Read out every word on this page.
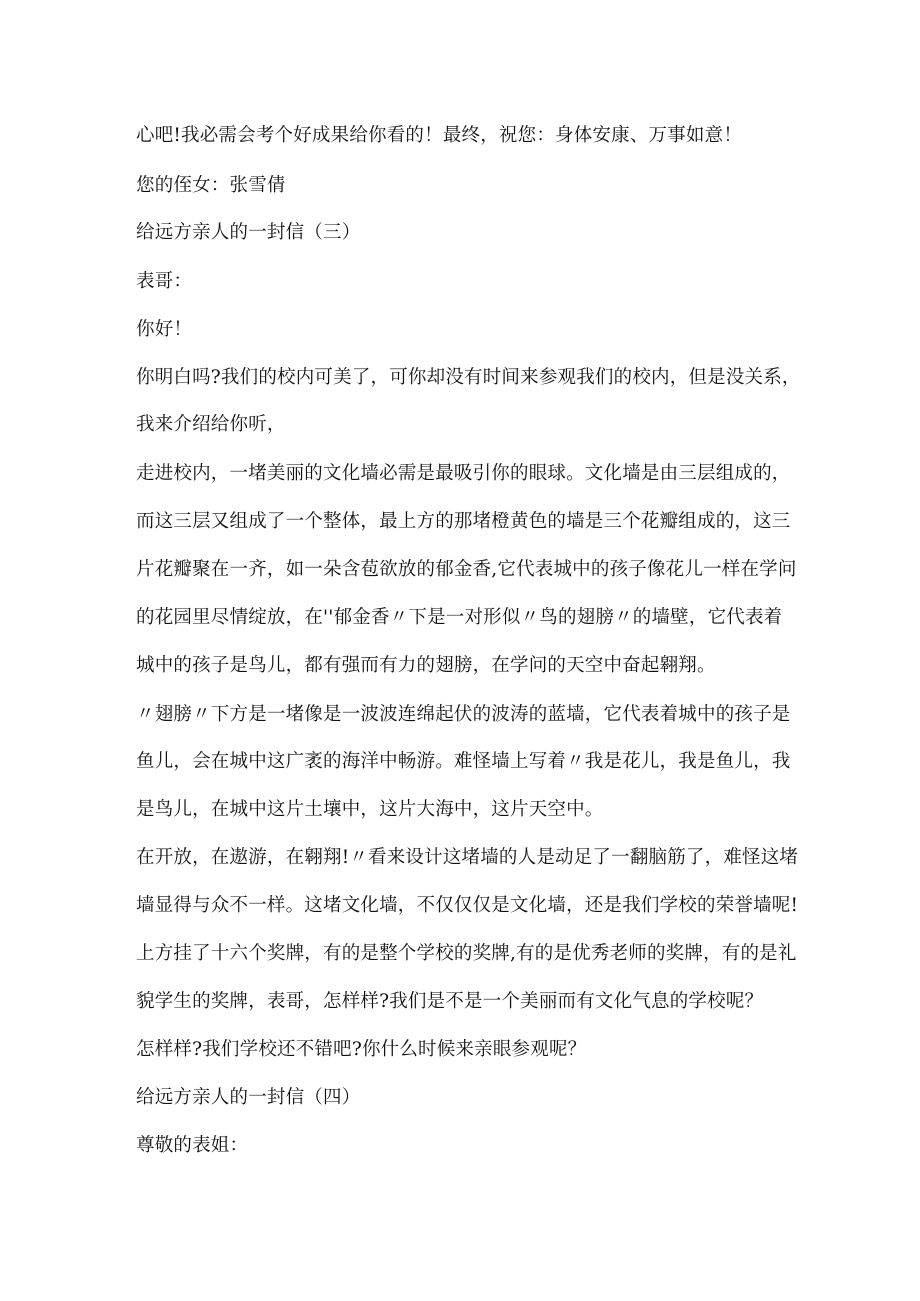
心吧!我必需会考个好成果给你看的！最终，祝您：身体安康、万事如意！
您的侄女：张雪倩
给远方亲人的一封信（三）
表哥：
你好！
你明白吗?我们的校内可美了，可你却没有时间来参观我们的校内，但是没关系，
我来介绍给你听，
走进校内，一堵美丽的文化墙必需是最吸引你的眼球。文化墙是由三层组成的，
而这三层又组成了一个整体，最上方的那堵橙黄色的墙是三个花瓣组成的，这三
片花瓣聚在一齐，如一朵含苞欲放的郁金香,它代表城中的孩子像花儿一样在学问
的花园里尽情绽放，在''郁金香〃下是一对形似〃鸟的翅膀〃的墙壁，它代表着
城中的孩子是鸟儿，都有强而有力的翅膀，在学问的天空中奋起翱翔。
〃翅膀〃下方是一堵像是一波波连绵起伏的波涛的蓝墙，它代表着城中的孩子是
鱼儿，会在城中这广袤的海洋中畅游。难怪墙上写着〃我是花儿，我是鱼儿，我
是鸟儿，在城中这片土壤中，这片大海中，这片天空中。
在开放，在遨游，在翱翔!〃看来设计这堵墙的人是动足了一翻脑筋了，难怪这堵
墙显得与众不一样。这堵文化墙，不仅仅仅是文化墙，还是我们学校的荣誉墙呢!
上方挂了十六个奖牌，有的是整个学校的奖牌,有的是优秀老师的奖牌，有的是礼
貌学生的奖牌，表哥，怎样样?我们是不是一个美丽而有文化气息的学校呢？
怎样样?我们学校还不错吧?你什么时候来亲眼参观呢？
给远方亲人的一封信（四）
尊敬的表姐：
